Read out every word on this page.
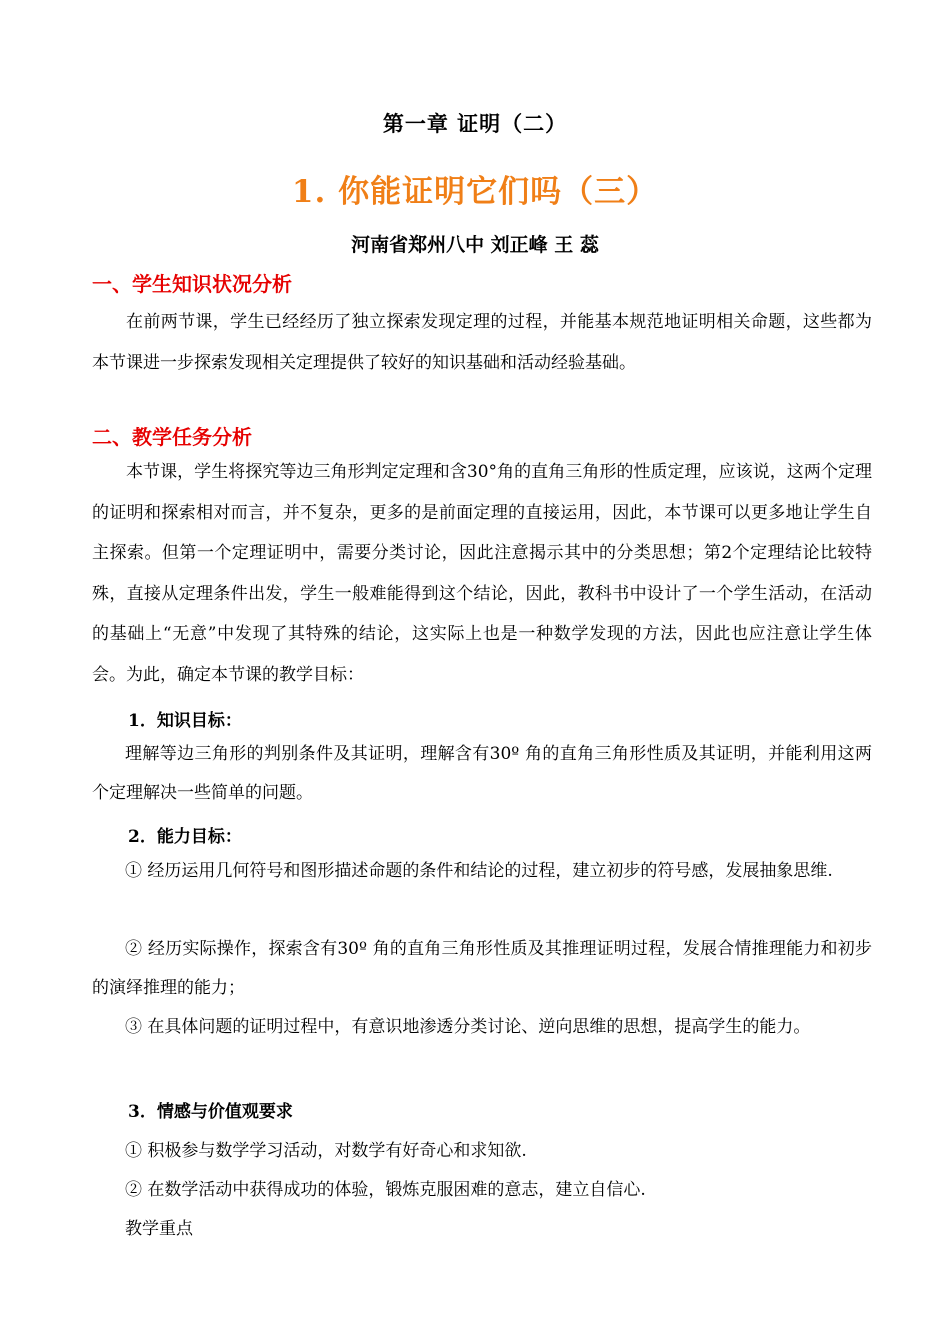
第一章 证明（二）
1. 你能证明它们吗（三）
河南省郑州八中 刘正峰 王 蕊
一、学生知识状况分析
在前两节课，学生已经经历了独立探索发现定理的过程，并能基本规范地证明相关命题，这些都为本节课进一步探索发现相关定理提供了较好的知识基础和活动经验基础。
二、教学任务分析
本节课，学生将探究等边三角形判定定理和含30°角的直角三角形的性质定理，应该说，这两个定理的证明和探索相对而言，并不复杂，更多的是前面定理的直接运用，因此，本节课可以更多地让学生自主探索。但第一个定理证明中，需要分类讨论，因此注意揭示其中的分类思想；第2个定理结论比较特殊，直接从定理条件出发，学生一般难能得到这个结论，因此，教科书中设计了一个学生活动，在活动的基础上“无意”中发现了其特殊的结论，这实际上也是一种数学发现的方法，因此也应注意让学生体会。为此，确定本节课的教学目标：
1．知识目标：
理解等边三角形的判别条件及其证明，理解含有30º 角的直角三角形性质及其证明，并能利用这两个定理解决一些简单的问题。
2．能力目标：
① 经历运用几何符号和图形描述命题的条件和结论的过程，建立初步的符号感，发展抽象思维.
② 经历实际操作，探索含有30º 角的直角三角形性质及其推理证明过程，发展合情推理能力和初步的演绎推理的能力；
③ 在具体问题的证明过程中，有意识地渗透分类讨论、逆向思维的思想，提高学生的能力。
3．情感与价值观要求
① 积极参与数学学习活动，对数学有好奇心和求知欲.
② 在数学活动中获得成功的体验，锻炼克服困难的意志，建立自信心.
教学重点
